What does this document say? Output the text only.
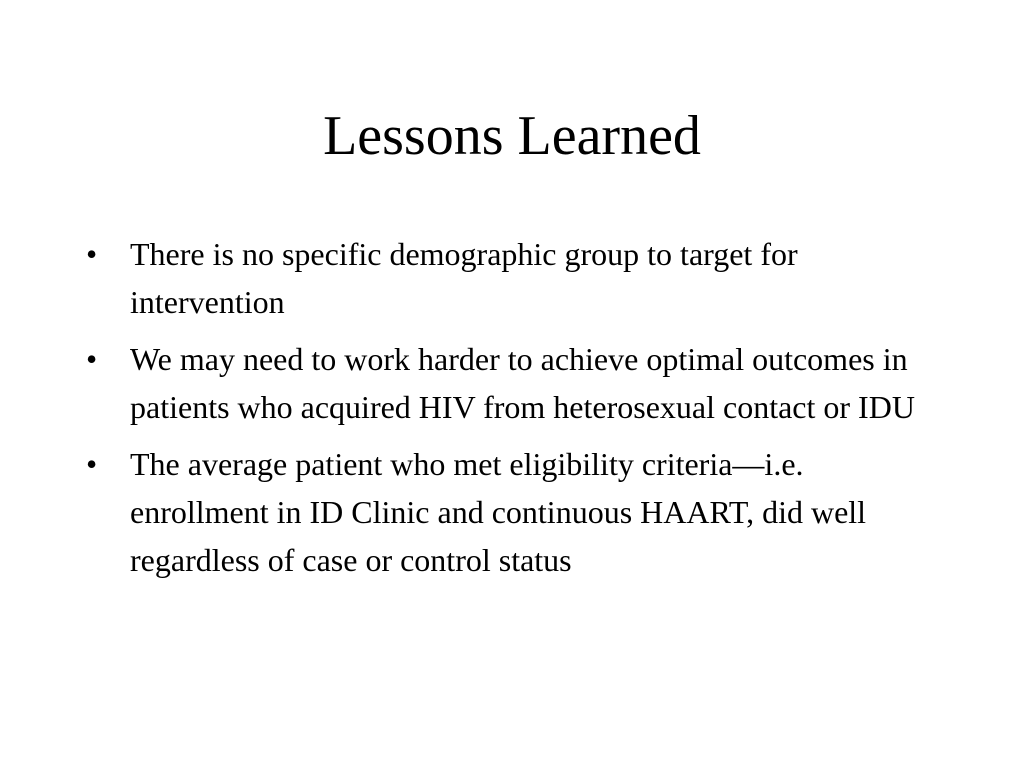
Lessons Learned
•	There is no specific demographic group to target for intervention
•	We may need to work harder to achieve optimal outcomes in patients who acquired HIV from heterosexual contact or IDU
•	The average patient who met eligibility criteria—i.e. enrollment in ID Clinic and continuous HAART, did well regardless of case or control status
